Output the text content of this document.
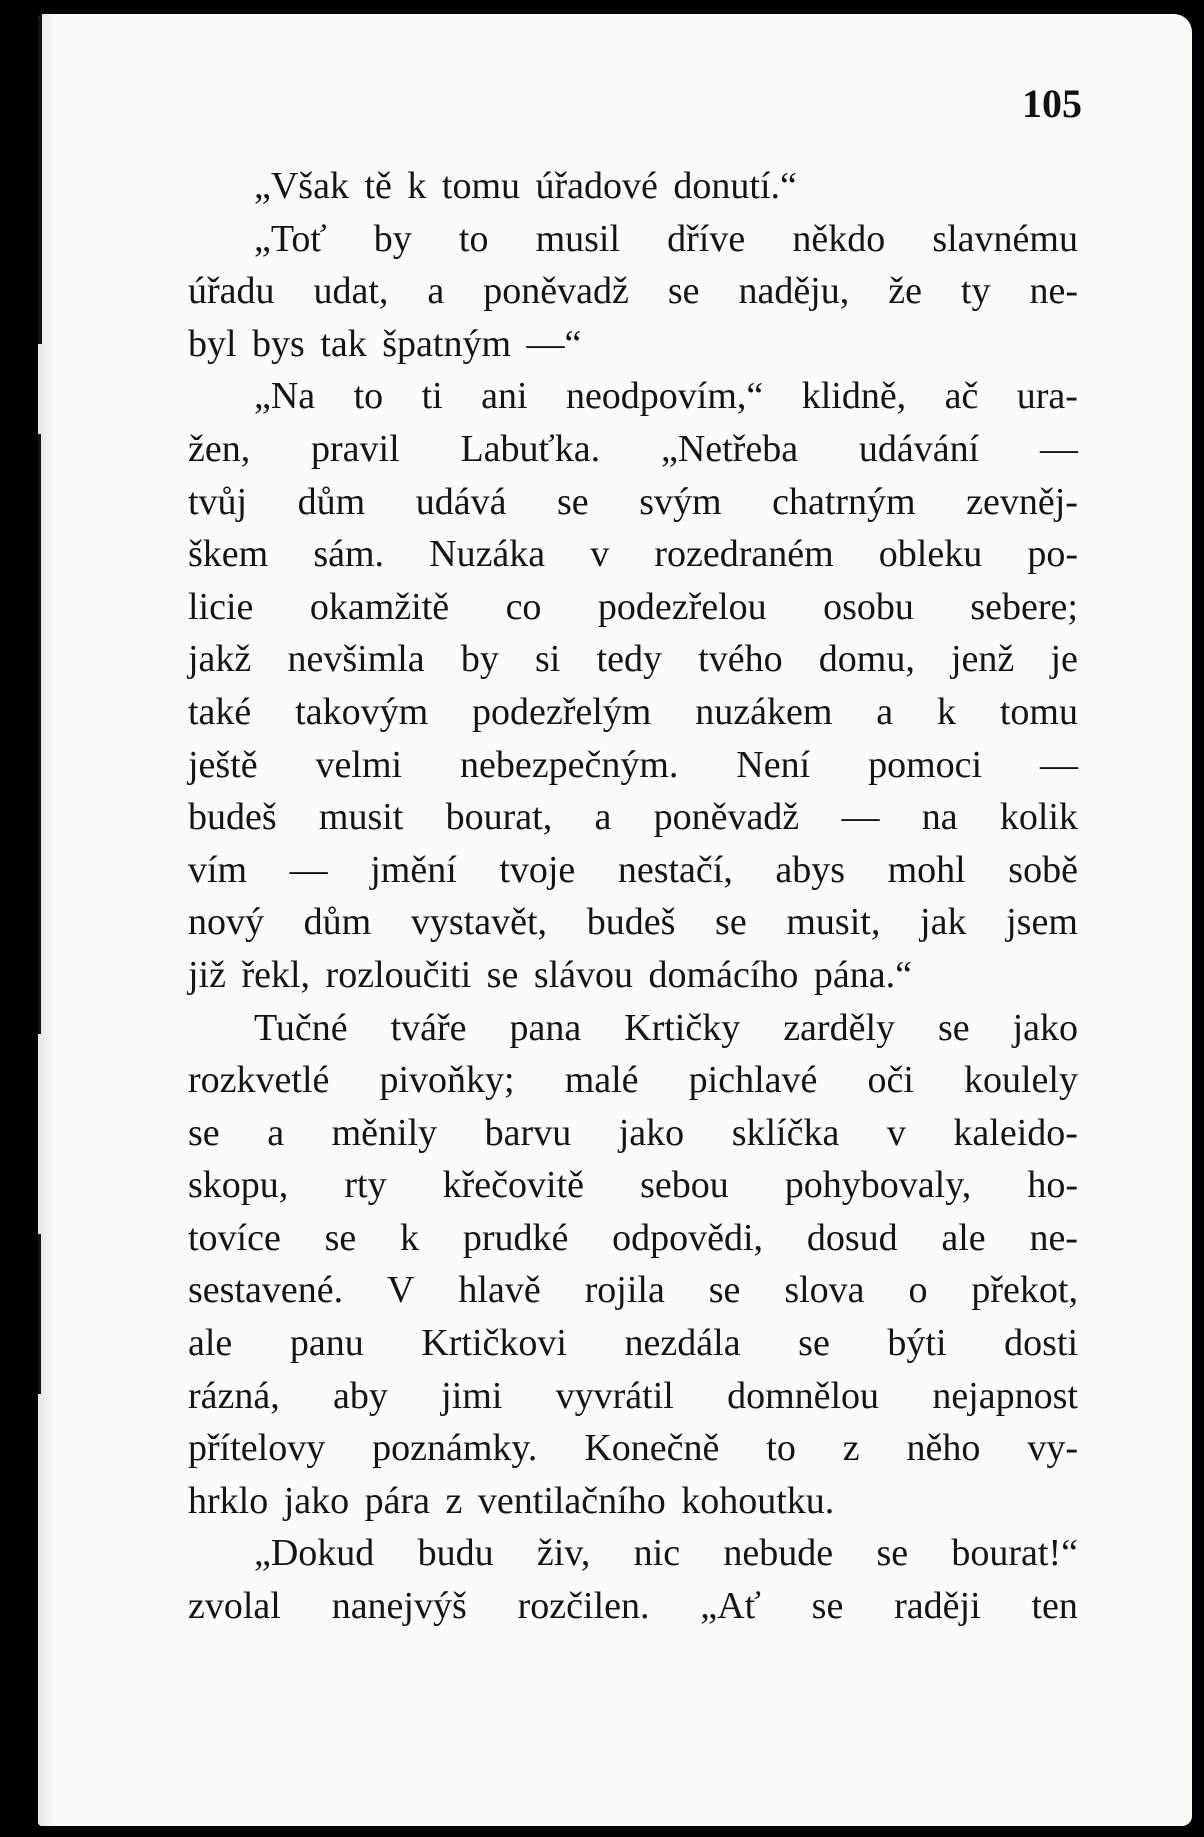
105
„Však tě k tomu úřadové donutí.“
„Toť by to musil dříve někdo slavnému
úřadu udat, a poněvadž se naděju, že ty ne-
byl bys tak špatným —“
„Na to ti ani neodpovím,“ klidně, ač ura-
žen, pravil Labuťka. „Netřeba udávání —
tvůj dům udává se svým chatrným zevněj-
škem sám. Nuzáka v rozedraném obleku po-
licie okamžitě co podezřelou osobu sebere;
jakž nevšimla by si tedy tvého domu, jenž je
také takovým podezřelým nuzákem a k tomu
ještě velmi nebezpečným. Není pomoci —
budeš musit bourat, a poněvadž — na kolik
vím — jmění tvoje nestačí, abys mohl sobě
nový dům vystavět, budeš se musit, jak jsem
již řekl, rozloučiti se slávou domácího pána.“
Tučné tváře pana Krtičky zarděly se jako
rozkvetlé pivoňky; malé pichlavé oči koulely
se a měnily barvu jako sklíčka v kaleido-
skopu, rty křečovitě sebou pohybovaly, ho-
tovíce se k prudké odpovědi, dosud ale ne-
sestavené. V hlavě rojila se slova o překot,
ale panu Krtičkovi nezdála se býti dosti
rázná, aby jimi vyvrátil domnělou nejapnost
přítelovy poznámky. Konečně to z něho vy-
hrklo jako pára z ventilačního kohoutku.
„Dokud budu živ, nic nebude se bourat!“
zvolal nanejvýš rozčilen. „Ať se raději ten
